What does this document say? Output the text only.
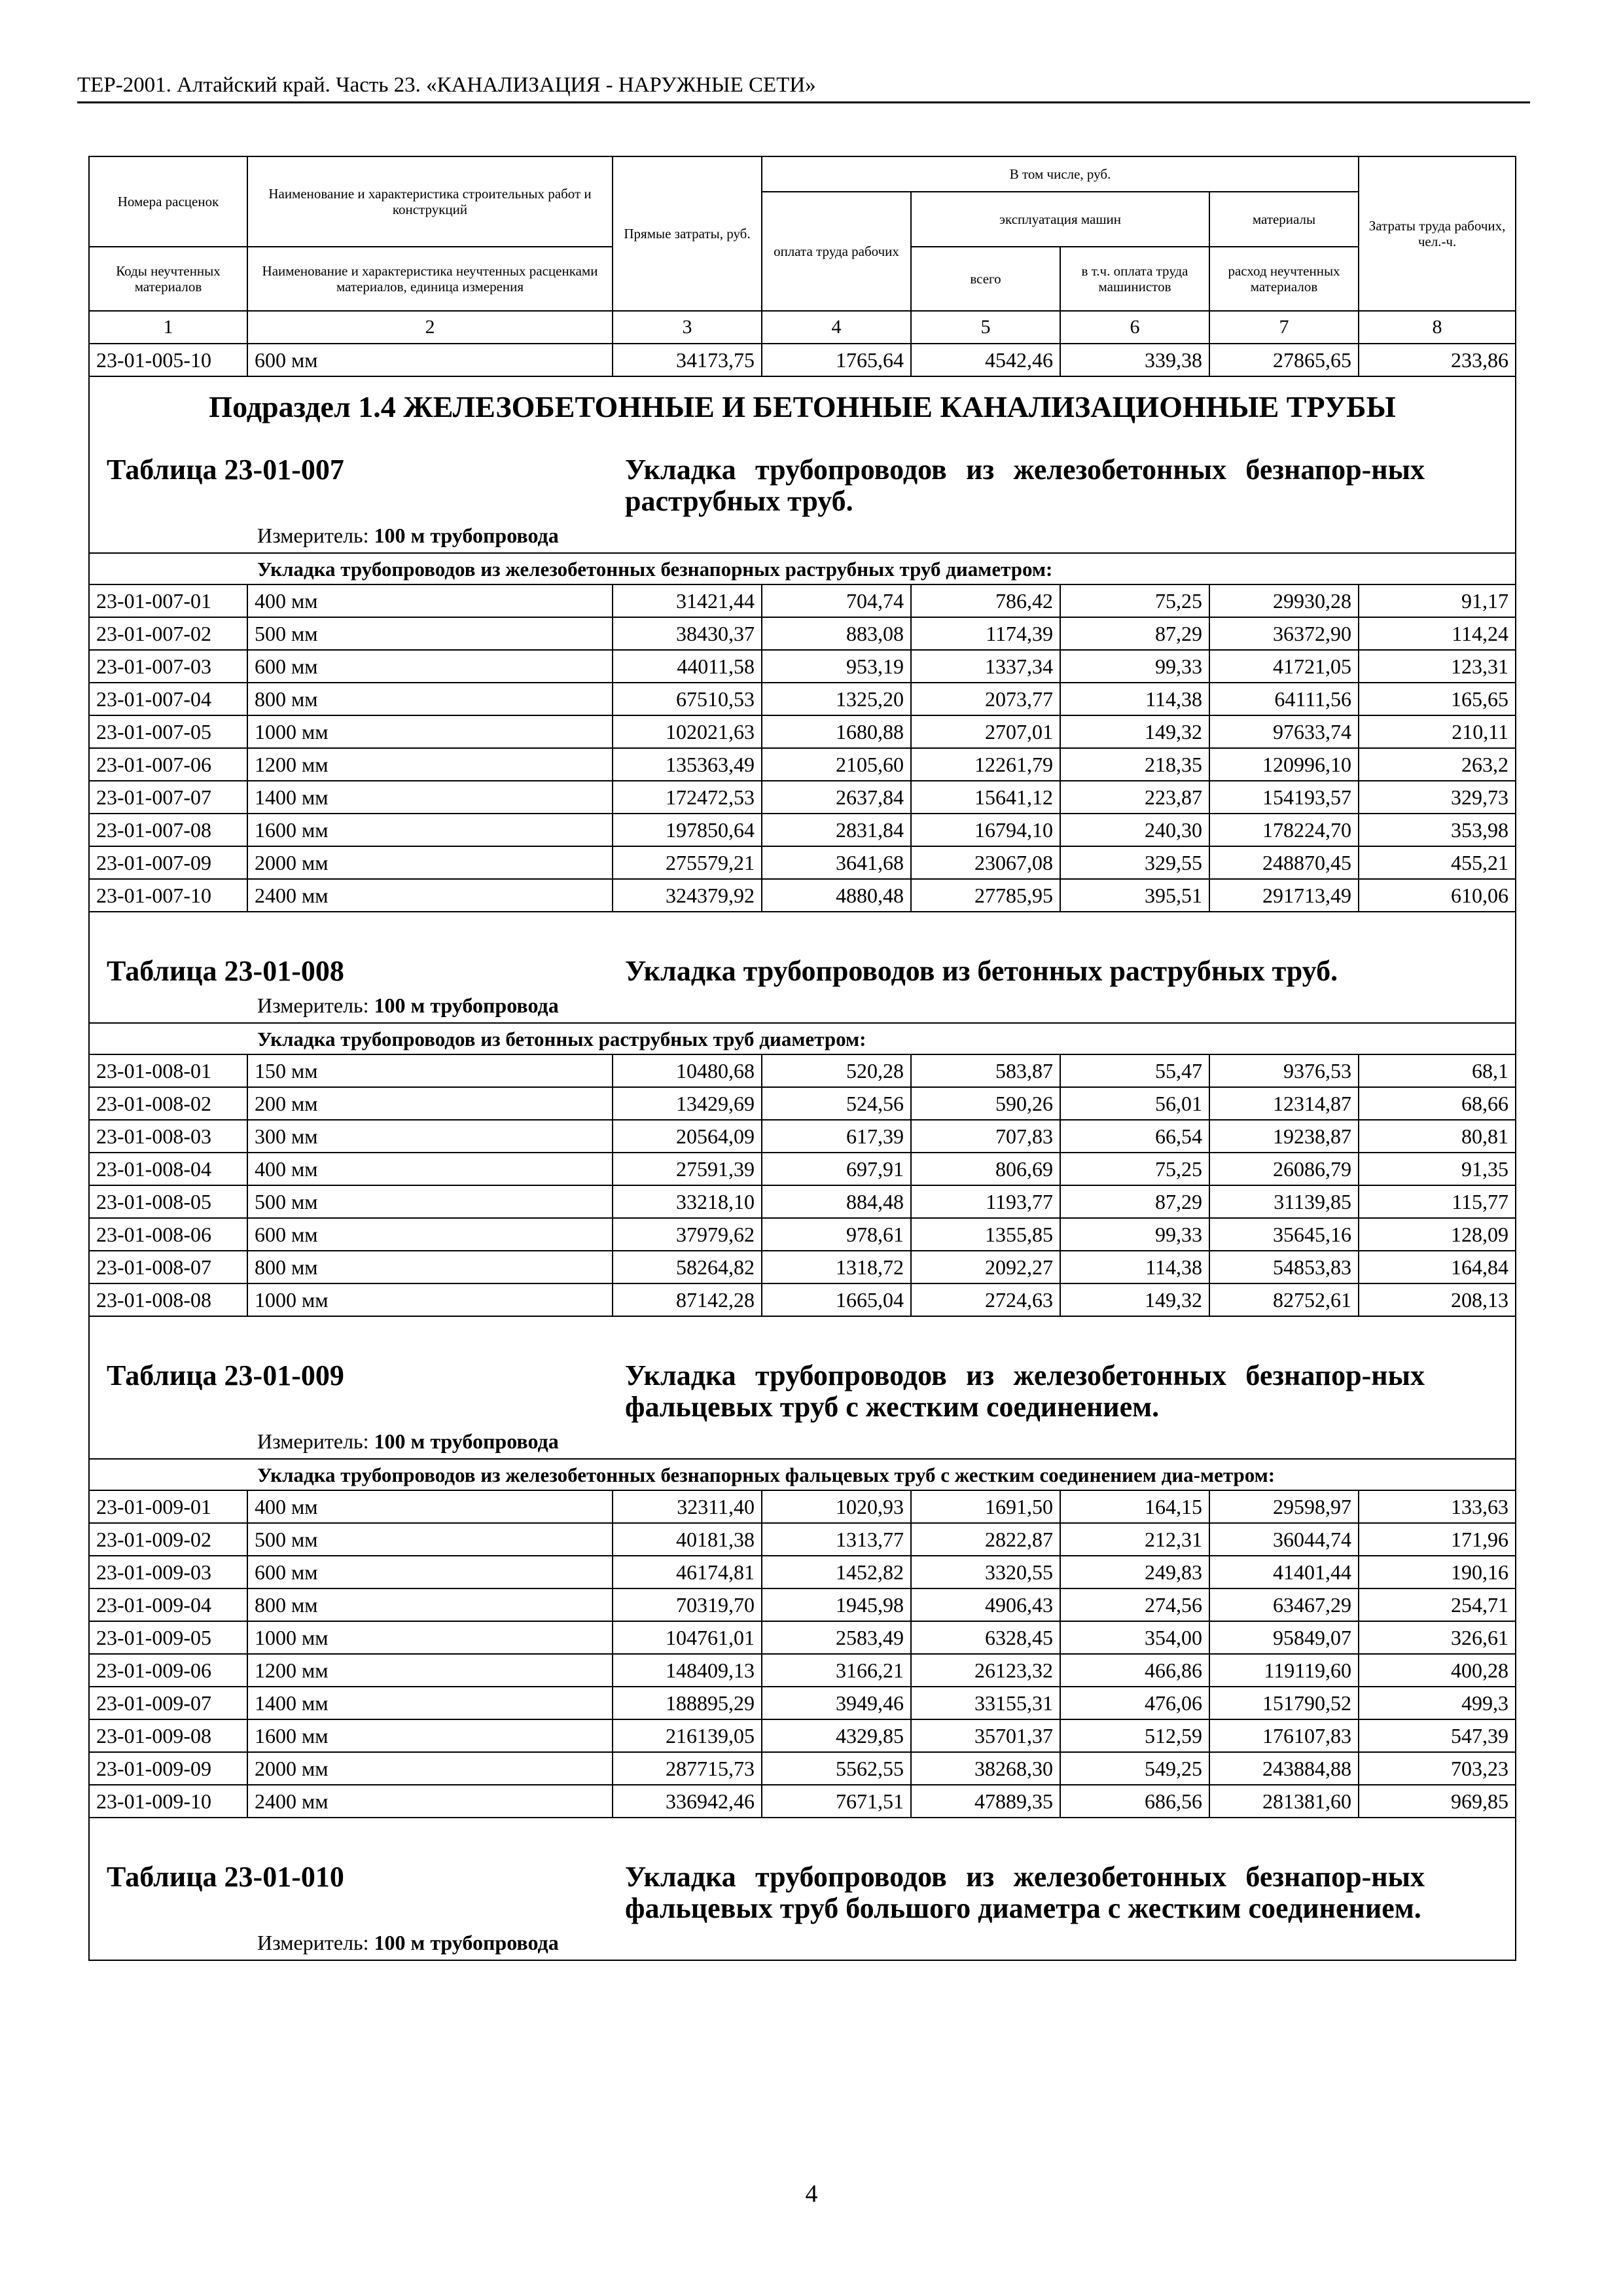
ТЕР-2001. Алтайский край. Часть 23. «КАНАЛИЗАЦИЯ - НАРУЖНЫЕ СЕТИ»
Номера расценок	Наименование и характеристика строительных работ и конструкций	Прямые затраты, руб.	В том числе, руб.				Затраты труда рабочих, чел.-ч.
			оплата труда рабочих	эксплуатация машин		материалы	
Коды неучтенных материалов	Наименование и характеристика неучтенных расценками материалов, единица измерения			всего	в т.ч. оплата труда машинистов	расход неучтенных материалов	
1	2	3	4	5	6	7	8
23-01-005-10	600 мм	34173,75	1765,64	4542,46	339,38	27865,65	233,86

Подраздел 1.4 ЖЕЛЕЗОБЕТОННЫЕ И БЕТОННЫЕ КАНАЛИЗАЦИОННЫЕ ТРУБЫ							

Таблица 23-01-007 Укладка трубопроводов из железобетонных безнапор-ных раструбных труб.
Измеритель: 100 м трубопровода							

Укладка трубопроводов из железобетонных безнапорных раструбных труб диаметром:							
23-01-007-01	400 мм	31421,44	704,74	786,42	75,25	29930,28	91,17
23-01-007-02	500 мм	38430,37	883,08	1174,39	87,29	36372,90	114,24
23-01-007-03	600 мм	44011,58	953,19	1337,34	99,33	41721,05	123,31
23-01-007-04	800 мм	67510,53	1325,20	2073,77	114,38	64111,56	165,65
23-01-007-05	1000 мм	102021,63	1680,88	2707,01	149,32	97633,74	210,11
23-01-007-06	1200 мм	135363,49	2105,60	12261,79	218,35	120996,10	263,2
23-01-007-07	1400 мм	172472,53	2637,84	15641,12	223,87	154193,57	329,73
23-01-007-08	1600 мм	197850,64	2831,84	16794,10	240,30	178224,70	353,98
23-01-007-09	2000 мм	275579,21	3641,68	23067,08	329,55	248870,45	455,21
23-01-007-10	2400 мм	324379,92	4880,48	27785,95	395,51	291713,49	610,06

Таблица 23-01-008 Укладка трубопроводов из бетонных раструбных труб.
Измеритель: 100 м трубопровода							

Укладка трубопроводов из бетонных раструбных труб диаметром:							
23-01-008-01	150 мм	10480,68	520,28	583,87	55,47	9376,53	68,1
23-01-008-02	200 мм	13429,69	524,56	590,26	56,01	12314,87	68,66
23-01-008-03	300 мм	20564,09	617,39	707,83	66,54	19238,87	80,81
23-01-008-04	400 мм	27591,39	697,91	806,69	75,25	26086,79	91,35
23-01-008-05	500 мм	33218,10	884,48	1193,77	87,29	31139,85	115,77
23-01-008-06	600 мм	37979,62	978,61	1355,85	99,33	35645,16	128,09
23-01-008-07	800 мм	58264,82	1318,72	2092,27	114,38	54853,83	164,84
23-01-008-08	1000 мм	87142,28	1665,04	2724,63	149,32	82752,61	208,13

Таблица 23-01-009 Укладка трубопроводов из железобетонных безнапор-ных фальцевых труб с жестким соединением.
Измеритель: 100 м трубопровода							

Укладка трубопроводов из железобетонных безнапорных фальцевых труб с жестким соединением диа-метром:							
23-01-009-01	400 мм	32311,40	1020,93	1691,50	164,15	29598,97	133,63
23-01-009-02	500 мм	40181,38	1313,77	2822,87	212,31	36044,74	171,96
23-01-009-03	600 мм	46174,81	1452,82	3320,55	249,83	41401,44	190,16
23-01-009-04	800 мм	70319,70	1945,98	4906,43	274,56	63467,29	254,71
23-01-009-05	1000 мм	104761,01	2583,49	6328,45	354,00	95849,07	326,61
23-01-009-06	1200 мм	148409,13	3166,21	26123,32	466,86	119119,60	400,28
23-01-009-07	1400 мм	188895,29	3949,46	33155,31	476,06	151790,52	499,3
23-01-009-08	1600 мм	216139,05	4329,85	35701,37	512,59	176107,83	547,39
23-01-009-09	2000 мм	287715,73	5562,55	38268,30	549,25	243884,88	703,23
23-01-009-10	2400 мм	336942,46	7671,51	47889,35	686,56	281381,60	969,85

Таблица 23-01-010 Укладка трубопроводов из железобетонных безнапор-ных фальцевых труб большого диаметра с жестким соединением.
Измеритель: 100 м трубопровода							
4
